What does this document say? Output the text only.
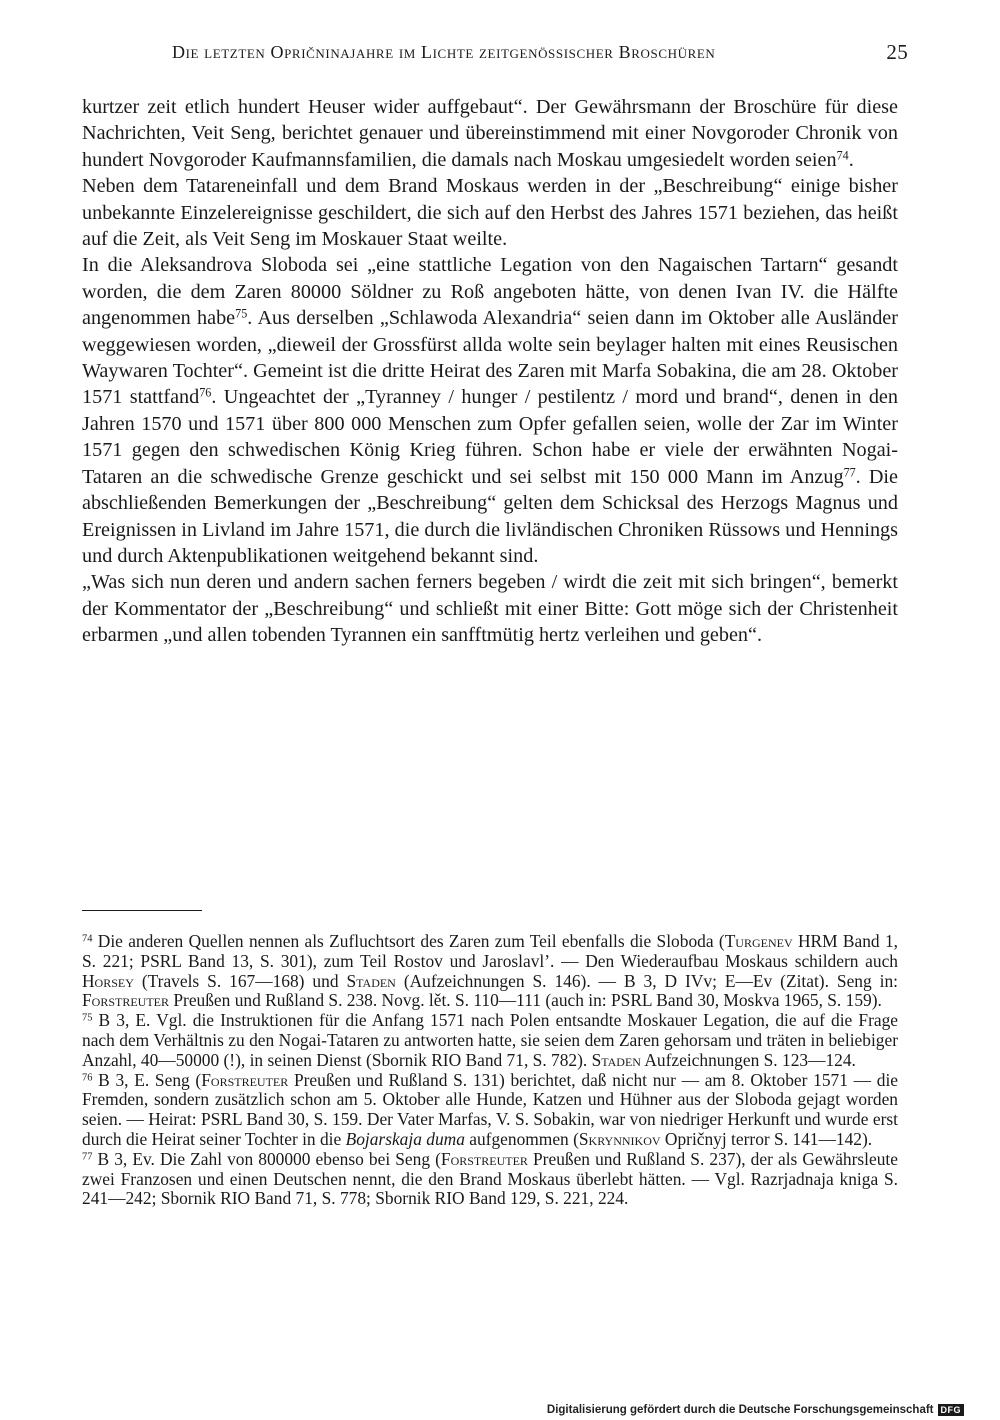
Die letzten Opričninajahre im Lichte zeitgenössischer Broschüren	25

kurtzer zeit etlich hundert Heuser wider auffgebaut“. Der Gewährsmann der Broschüre für diese Nachrichten, Veit Seng, berichtet genauer und übereinstimmend mit einer Novgoroder Chronik von hundert Novgoroder Kaufmannsfamilien, die damals nach Moskau umgesiedelt worden seien$^{74}$.

Neben dem Tatareneinfall und dem Brand Moskaus werden in der „Beschreibung“ einige bisher unbekannte Einzelereignisse geschildert, die sich auf den Herbst des Jahres 1571 beziehen, das heißt auf die Zeit, als Veit Seng im Moskauer Staat weilte.

In die Aleksandrova Sloboda sei „eine stattliche Legation von den Nagaischen Tartarn“ gesandt worden, die dem Zaren 80000 Söldner zu Roß angeboten hätte, von denen Ivan IV. die Hälfte angenommen habe$^{75}$. Aus derselben „Schlawoda Alexandria“ seien dann im Oktober alle Ausländer weggewiesen worden, „dieweil der Grossfürst allda wolte sein beylager halten mit eines Reusischen Waywaren Tochter“. Gemeint ist die dritte Heirat des Zaren mit Marfa Sobakina, die am 28. Oktober 1571 stattfand$^{76}$. Ungeachtet der „Tyranney / hunger / pestilentz / mord und brand“, denen in den Jahren 1570 und 1571 über 800 000 Menschen zum Opfer gefallen seien, wolle der Zar im Winter 1571 gegen den schwedischen König Krieg führen. Schon habe er viele der erwähnten Nogai-Tataren an die schwedische Grenze geschickt und sei selbst mit 150 000 Mann im Anzug$^{77}$. Die abschließenden Bemerkungen der „Beschreibung“ gelten dem Schicksal des Herzogs Magnus und Ereignissen in Livland im Jahre 1571, die durch die livländischen Chroniken Rüssows und Hennings und durch Aktenpublikationen weitgehend bekannt sind.

„Was sich nun deren und andern sachen ferners begeben / wirdt die zeit mit sich bringen“, bemerkt der Kommentator der „Beschreibung“ und schließt mit einer Bitte: Gott möge sich der Christenheit erbarmen „und allen tobenden Tyrannen ein sanfftmütig hertz verleihen und geben“.

$^{74}$ Die anderen Quellen nennen als Zufluchtsort des Zaren zum Teil ebenfalls die Sloboda (Turgenev HRM Band 1, S. 221; PSRL Band 13, S. 301), zum Teil Rostov und Jaroslavl’. — Den Wiederaufbau Moskaus schildern auch Horsey (Travels S. 167—168) und Staden (Aufzeichnungen S. 146). — B 3, D IVv; E—Ev (Zitat). Seng in: Forstreuter Preußen und Rußland S. 238. Novg. lět. S. 110—111 (auch in: PSRL Band 30, Moskva 1965, S. 159).

$^{75}$ B 3, E. Vgl. die Instruktionen für die Anfang 1571 nach Polen entsandte Moskauer Legation, die auf die Frage nach dem Verhältnis zu den Nogai-Tataren zu antworten hatte, sie seien dem Zaren gehorsam und träten in beliebiger Anzahl, 40—50000 (!), in seinen Dienst (Sbornik RIO Band 71, S. 782). Staden Aufzeichnungen S. 123—124.

$^{76}$ B 3, E. Seng (Forstreuter Preußen und Rußland S. 131) berichtet, daß nicht nur — am 8. Oktober 1571 — die Fremden, sondern zusätzlich schon am 5. Oktober alle Hunde, Katzen und Hühner aus der Sloboda gejagt worden seien. — Heirat: PSRL Band 30, S. 159. Der Vater Marfas, V. S. Sobakin, war von niedriger Herkunft und wurde erst durch die Heirat seiner Tochter in die Bojarskaja duma aufgenommen (Skrynnikov Opričnyj terror S. 141—142).

$^{77}$ B 3, Ev. Die Zahl von 800000 ebenso bei Seng (Forstreuter Preußen und Rußland S. 237), der als Gewährsleute zwei Franzosen und einen Deutschen nennt, die den Brand Moskaus überlebt hätten. — Vgl. Razrjadnaja kniga S. 241—242; Sbornik RIO Band 71, S. 778; Sbornik RIO Band 129, S. 221, 224.

Digitalisierung gefördert durch die Deutsche Forschungsgemeinschaft DFG
